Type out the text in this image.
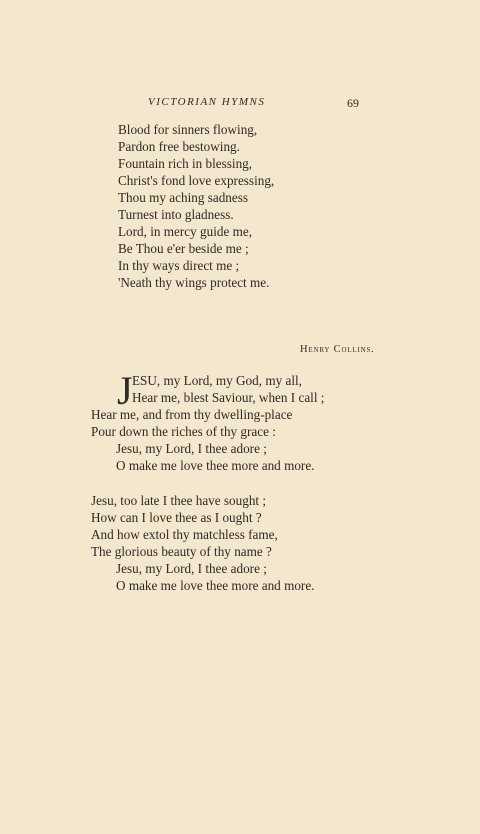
VICTORIAN HYMNS	69
Blood for sinners flowing,
Pardon free bestowing.
Fountain rich in blessing,
Christ's fond love expressing,
Thou my aching sadness
Turnest into gladness.
Lord, in mercy guide me,
Be Thou e'er beside me ;
In thy ways direct me ;
'Neath thy wings protect me.
Henry Collins.
J ESU, my Lord, my God, my all,
Hear me, blest Saviour, when I call ;
Hear me, and from thy dwelling-place
Pour down the riches of thy grace :
Jesu, my Lord, I thee adore ;
O make me love thee more and more.
Jesu, too late I thee have sought ;
How can I love thee as I ought ?
And how extol thy matchless fame,
The glorious beauty of thy name ?
Jesu, my Lord, I thee adore ;
O make me love thee more and more.
